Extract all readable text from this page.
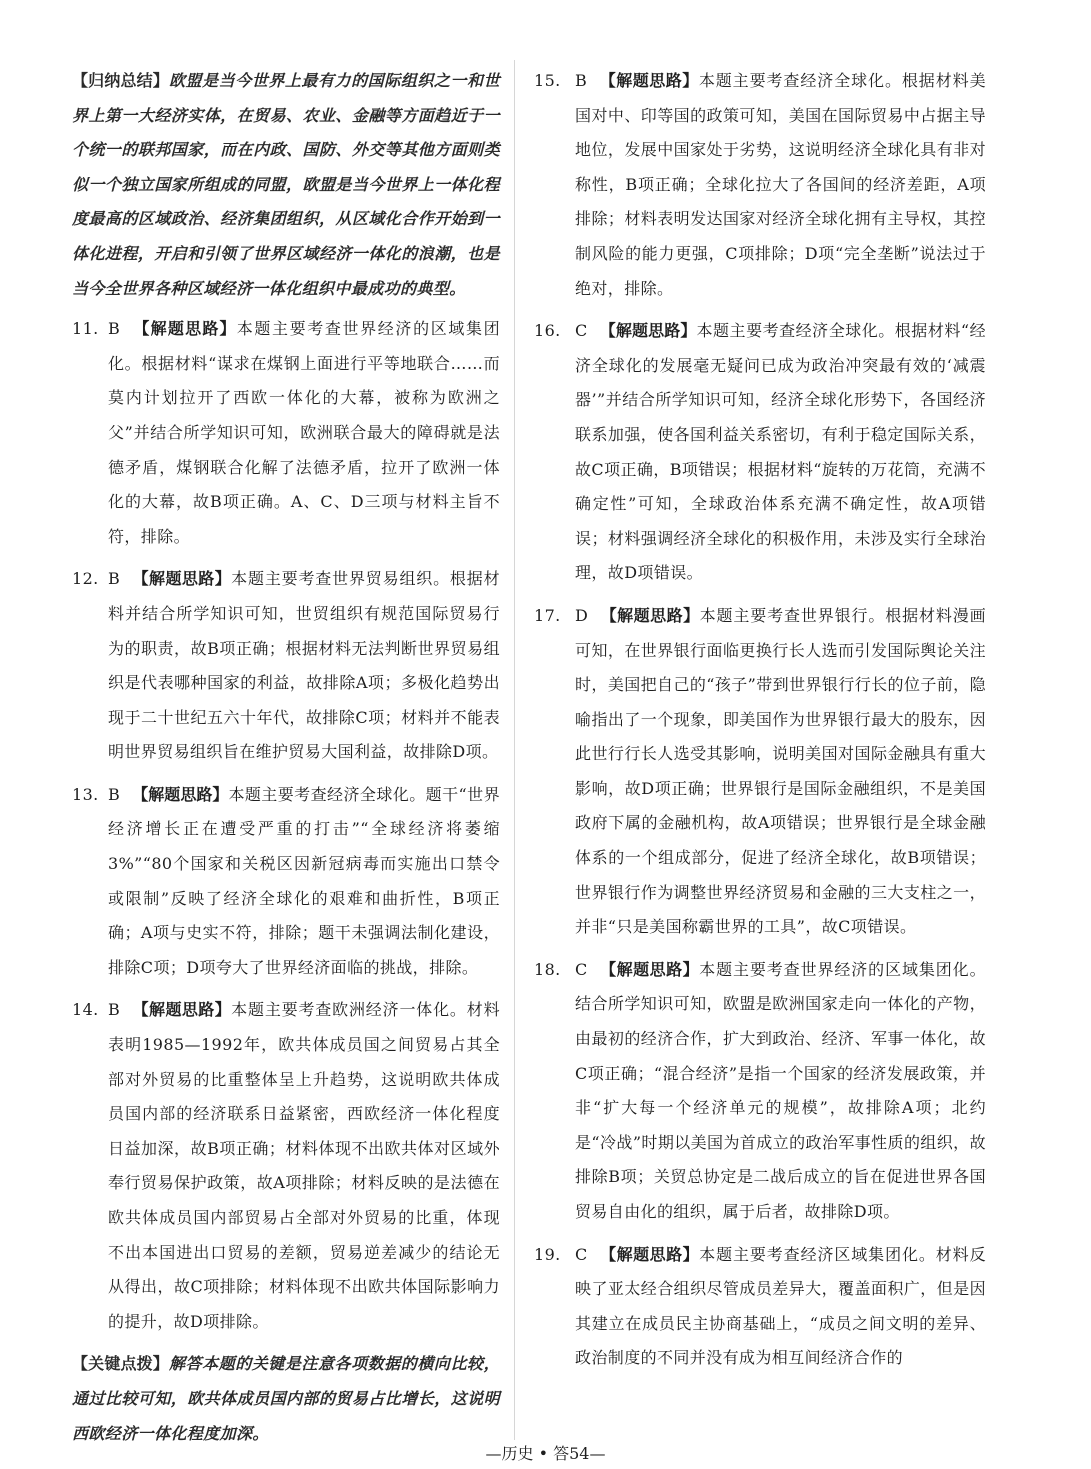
【归纳总结】欧盟是当今世界上最有力的国际组织之一和世界上第一大经济实体，在贸易、农业、金融等方面趋近于一个统一的联邦国家，而在内政、国防、外交等其他方面则类似一个独立国家所组成的同盟，欧盟是当今世界上一体化程度最高的区域政治、经济集团组织，从区域化合作开始到一体化进程，开启和引领了世界区域经济一体化的浪潮，也是当今全世界各种区域经济一体化组织中最成功的典型。

11. B 【解题思路】本题主要考查世界经济的区域集团化。根据材料“谋求在煤钢上面进行平等地联合……而莫内计划拉开了西欧一体化的大幕，被称为欧洲之父”并结合所学知识可知，欧洲联合最大的障碍就是法德矛盾，煤钢联合化解了法德矛盾，拉开了欧洲一体化的大幕，故B项正确。A、C、D三项与材料主旨不符，排除。

12. B 【解题思路】本题主要考查世界贸易组织。根据材料并结合所学知识可知，世贸组织有规范国际贸易行为的职责，故B项正确；根据材料无法判断世界贸易组织是代表哪种国家的利益，故排除A项；多极化趋势出现于二十世纪五六十年代，故排除C项；材料并不能表明世界贸易组织旨在维护贸易大国利益，故排除D项。

13. B 【解题思路】本题主要考查经济全球化。题干“世界经济增长正在遭受严重的打击”“全球经济将萎缩3%”“80个国家和关税区因新冠病毒而实施出口禁令或限制”反映了经济全球化的艰难和曲折性，B项正确；A项与史实不符，排除；题干未强调法制化建设，排除C项；D项夸大了世界经济面临的挑战，排除。

14. B 【解题思路】本题主要考查欧洲经济一体化。材料表明1985—1992年，欧共体成员国之间贸易占其全部对外贸易的比重整体呈上升趋势，这说明欧共体成员国内部的经济联系日益紧密，西欧经济一体化程度日益加深，故B项正确；材料体现不出欧共体对区域外奉行贸易保护政策，故A项排除；材料反映的是法德在欧共体成员国内部贸易占全部对外贸易的比重，体现不出本国进出口贸易的差额，贸易逆差减少的结论无从得出，故C项排除；材料体现不出欧共体国际影响力的提升，故D项排除。

【关键点拨】解答本题的关键是注意各项数据的横向比较，通过比较可知，欧共体成员国内部的贸易占比增长，这说明西欧经济一体化程度加深。

15. B 【解题思路】本题主要考查经济全球化。根据材料美国对中、印等国的政策可知，美国在国际贸易中占据主导地位，发展中国家处于劣势，这说明经济全球化具有非对称性，B项正确；全球化拉大了各国间的经济差距，A项排除；材料表明发达国家对经济全球化拥有主导权，其控制风险的能力更强，C项排除；D项“完全垄断”说法过于绝对，排除。

16. C 【解题思路】本题主要考查经济全球化。根据材料“经济全球化的发展毫无疑问已成为政治冲突最有效的‘减震器’”并结合所学知识可知，经济全球化形势下，各国经济联系加强，使各国利益关系密切，有利于稳定国际关系，故C项正确，B项错误；根据材料“旋转的万花筒，充满不确定性”可知，全球政治体系充满不确定性，故A项错误；材料强调经济全球化的积极作用，未涉及实行全球治理，故D项错误。

17. D 【解题思路】本题主要考查世界银行。根据材料漫画可知，在世界银行面临更换行长人选而引发国际舆论关注时，美国把自己的“孩子”带到世界银行行长的位子前，隐喻指出了一个现象，即美国作为世界银行最大的股东，因此世行行长人选受其影响，说明美国对国际金融具有重大影响，故D项正确；世界银行是国际金融组织，不是美国政府下属的金融机构，故A项错误；世界银行是全球金融体系的一个组成部分，促进了经济全球化，故B项错误；世界银行作为调整世界经济贸易和金融的三大支柱之一，并非“只是美国称霸世界的工具”，故C项错误。

18. C 【解题思路】本题主要考查世界经济的区域集团化。结合所学知识可知，欧盟是欧洲国家走向一体化的产物，由最初的经济合作，扩大到政治、经济、军事一体化，故C项正确；“混合经济”是指一个国家的经济发展政策，并非“扩大每一个经济单元的规模”，故排除A项；北约是“冷战”时期以美国为首成立的政治军事性质的组织，故排除B项；关贸总协定是二战后成立的旨在促进世界各国贸易自由化的组织，属于后者，故排除D项。

19. C 【解题思路】本题主要考查经济区域集团化。材料反映了亚太经合组织尽管成员差异大，覆盖面积广，但是因其建立在成员民主协商基础上，“成员之间文明的差异、政治制度的不同并没有成为相互间经济合作的

—历史 • 答54—
